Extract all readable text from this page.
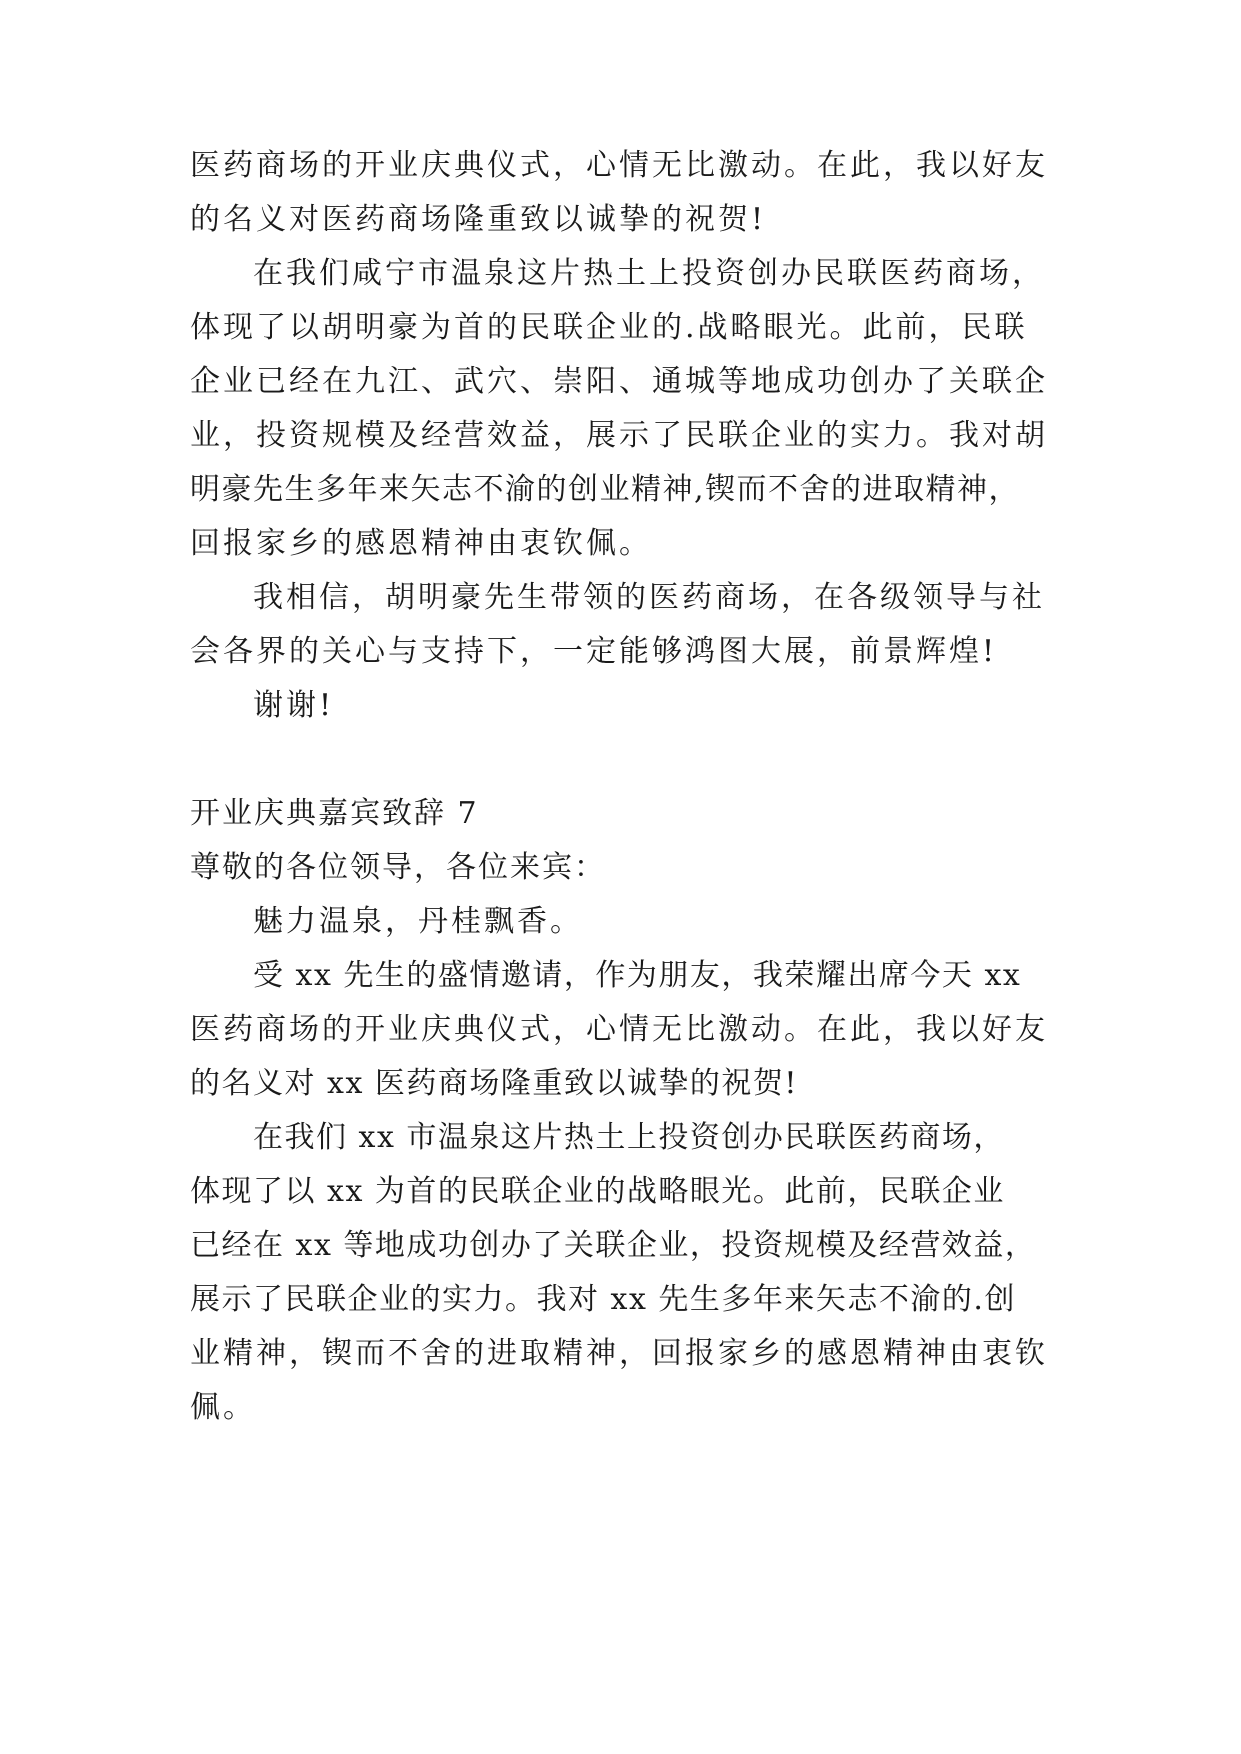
医药商场的开业庆典仪式，心情无比激动。在此，我以好友
的名义对医药商场隆重致以诚挚的祝贺!
在我们咸宁市温泉这片热土上投资创办民联医药商场，
体现了以胡明豪为首的民联企业的.战略眼光。此前，民联
企业已经在九江、武穴、崇阳、通城等地成功创办了关联企
业，投资规模及经营效益，展示了民联企业的实力。我对胡
明豪先生多年来矢志不渝的创业精神,锲而不舍的进取精神，
回报家乡的感恩精神由衷钦佩。
我相信，胡明豪先生带领的医药商场，在各级领导与社
会各界的关心与支持下，一定能够鸿图大展，前景辉煌!
谢谢!
开业庆典嘉宾致辞 7
尊敬的各位领导，各位来宾：
魅力温泉，丹桂飘香。
受 xx 先生的盛情邀请，作为朋友，我荣耀出席今天 xx
医药商场的开业庆典仪式，心情无比激动。在此，我以好友
的名义对 xx 医药商场隆重致以诚挚的祝贺!
在我们 xx 市温泉这片热土上投资创办民联医药商场，
体现了以 xx 为首的民联企业的战略眼光。此前，民联企业
已经在 xx 等地成功创办了关联企业，投资规模及经营效益，
展示了民联企业的实力。我对 xx 先生多年来矢志不渝的.创
业精神，锲而不舍的进取精神，回报家乡的感恩精神由衷钦
佩。
